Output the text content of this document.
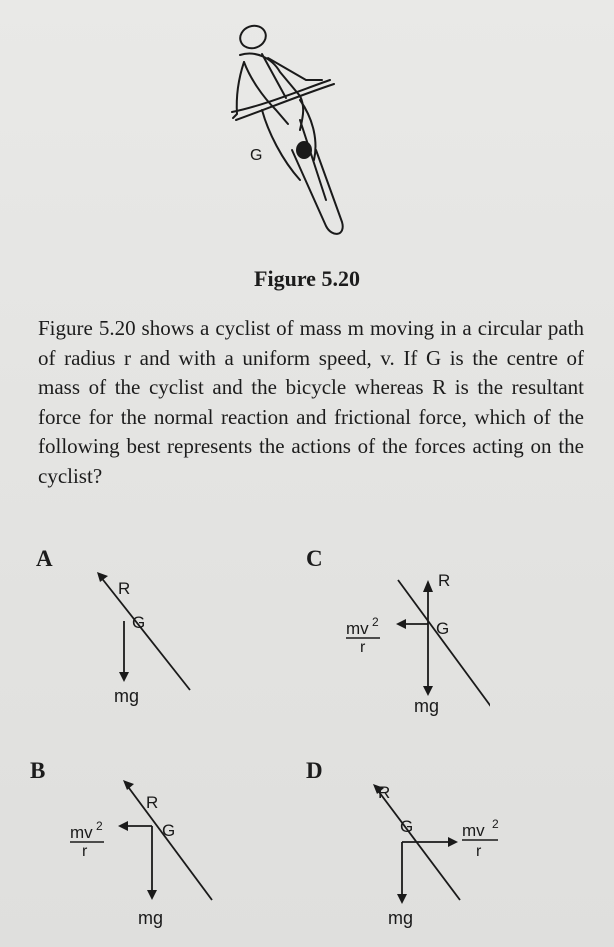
G
Figure 5.20
Figure 5.20 shows a cyclist of mass m moving in a circular path of radius r and with a uniform speed, v. If G is the centre of mass of the cyclist and the bicycle whereas R is the resultant force for the normal reaction and frictional force, which of the following best represents the actions of the forces acting on the cyclist?
A
R
G
mg
C
R
G
mv 2
r
mg
B
R
G
mv 2
r
mg
D
R
G	mv 2
r
mg
